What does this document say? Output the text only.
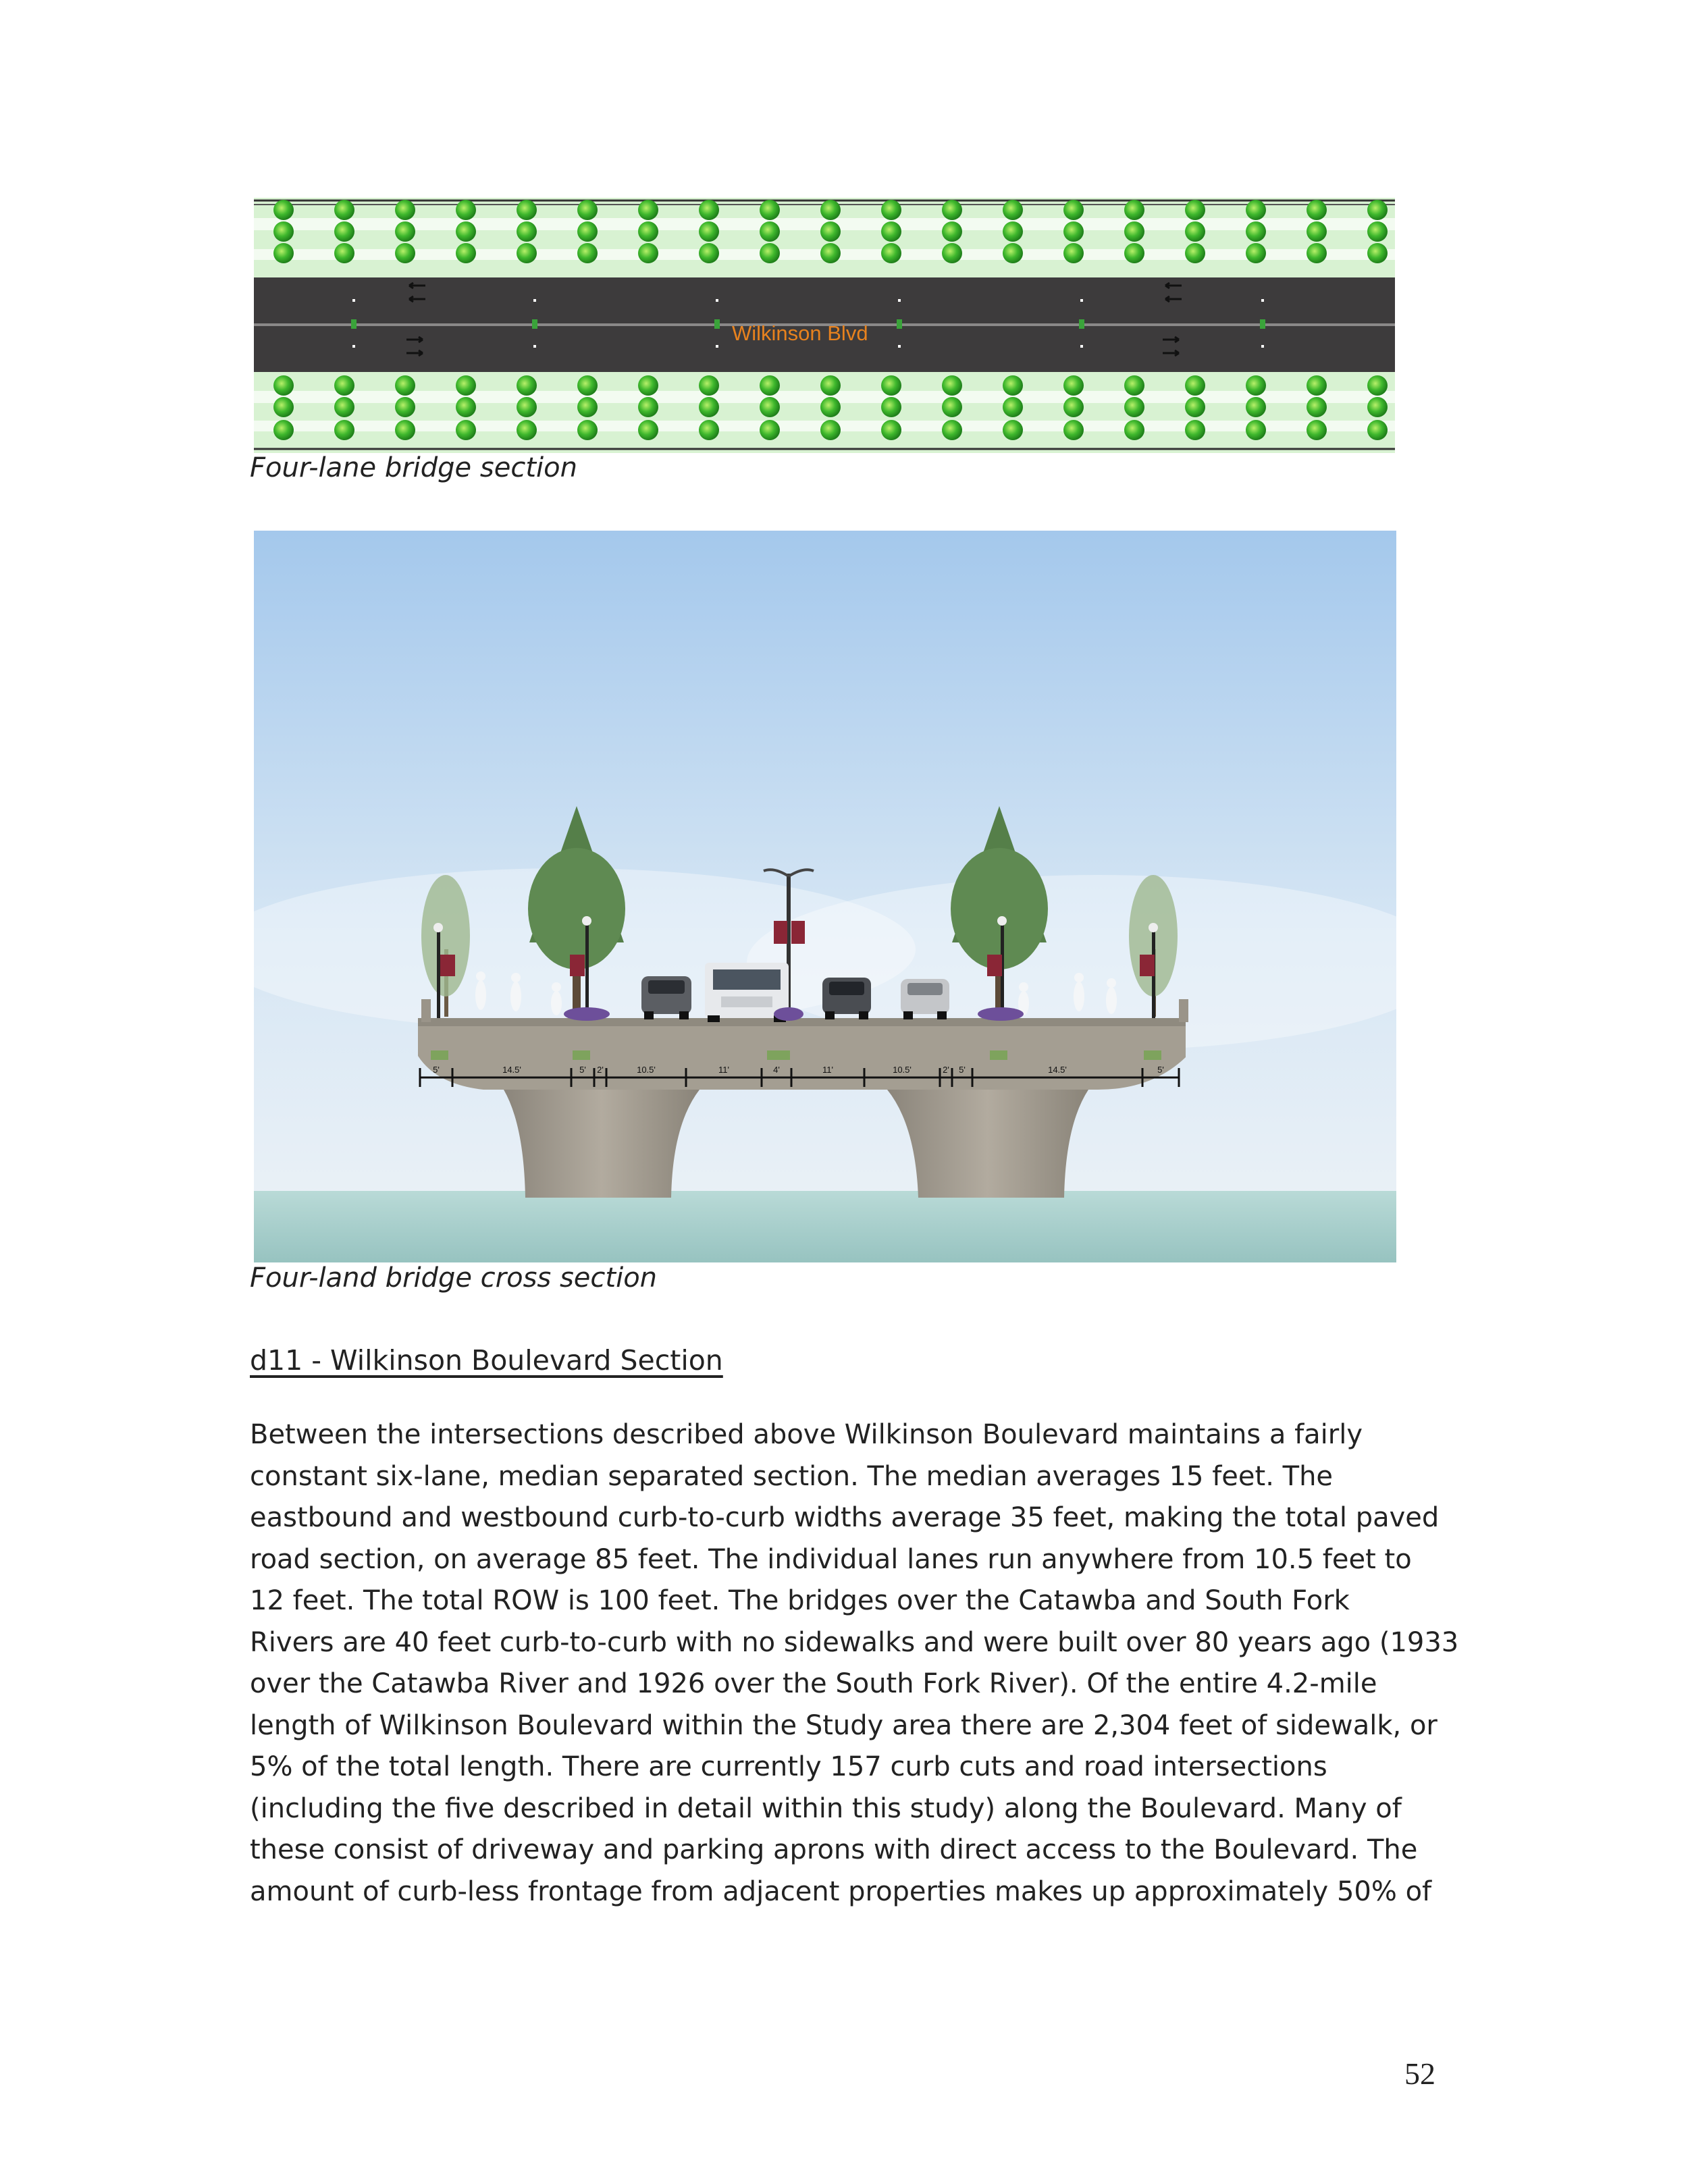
Wilkinson Blvd
Four-lane bridge section
5'	14.5'	5' 2'	10.5'	11'	4'	11'	10.5'	2' 5'	14.5'	5'
Four-land bridge cross section
d11 - Wilkinson Boulevard Section
Between the intersections described above Wilkinson Boulevard maintains a fairly
constant six-lane, median separated section. The median averages 15 feet. The
eastbound and westbound curb-to-curb widths average 35 feet, making the total paved
road section, on average 85 feet. The individual lanes run anywhere from 10.5 feet to
12 feet. The total ROW is 100 feet. The bridges over the Catawba and South Fork
Rivers are 40 feet curb-to-curb with no sidewalks and were built over 80 years ago (1933
over the Catawba River and 1926 over the South Fork River). Of the entire 4.2-mile
length of Wilkinson Boulevard within the Study area there are 2,304 feet of sidewalk, or
5% of the total length. There are currently 157 curb cuts and road intersections
(including the five described in detail within this study) along the Boulevard. Many of
these consist of driveway and parking aprons with direct access to the Boulevard. The
amount of curb-less frontage from adjacent properties makes up approximately 50% of
52
